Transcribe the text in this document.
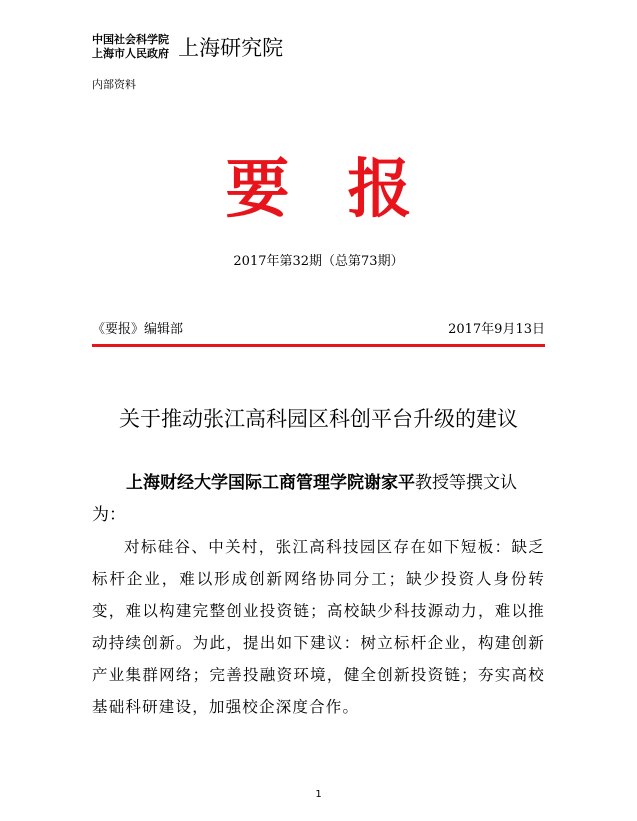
中国社会科学院
上海市人民政府 上海研究院
内部资料
要报
2017年第32期（总第73期）
《要报》编辑部	2017年9月13日
关于推动张江高科园区科创平台升级的建议
上海财经大学国际工商管理学院谢家平教授等撰文认为：
对标硅谷、中关村，张江高科技园区存在如下短板：缺乏标杆企业，难以形成创新网络协同分工；缺少投资人身份转变，难以构建完整创业投资链；高校缺少科技源动力，难以推动持续创新。为此，提出如下建议：树立标杆企业，构建创新产业集群网络；完善投融资环境，健全创新投资链；夯实高校基础科研建设，加强校企深度合作。
1
